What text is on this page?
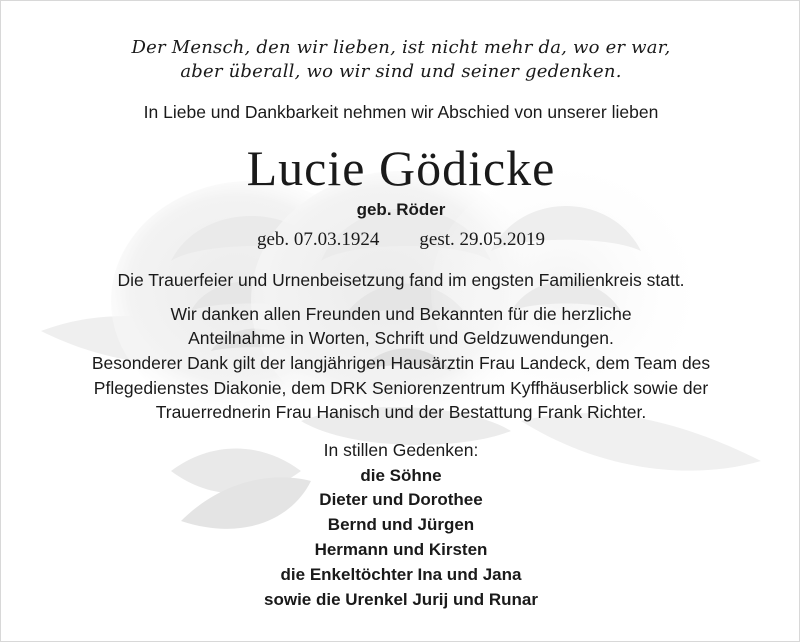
Der Mensch, den wir lieben, ist nicht mehr da, wo er war,
aber überall, wo wir sind und seiner gedenken.
In Liebe und Dankbarkeit nehmen wir Abschied von unserer lieben
Lucie Gödicke
geb. Röder
geb. 07.03.1924 gest. 29.05.2019
Die Trauerfeier und Urnenbeisetzung fand im engsten Familienkreis statt.
Wir danken allen Freunden und Bekannten für die herzliche
Anteilnahme in Worten, Schrift und Geldzuwendungen.
Besonderer Dank gilt der langjährigen Hausärztin Frau Landeck, dem Team des
Pflegedienstes Diakonie, dem DRK Seniorenzentrum Kyffhäuserblick sowie der
Trauerrednerin Frau Hanisch und der Bestattung Frank Richter.
In stillen Gedenken:
die Söhne
Dieter und Dorothee
Bernd und Jürgen
Hermann und Kirsten
die Enkeltöchter Ina und Jana
sowie die Urenkel Jurij und Runar
